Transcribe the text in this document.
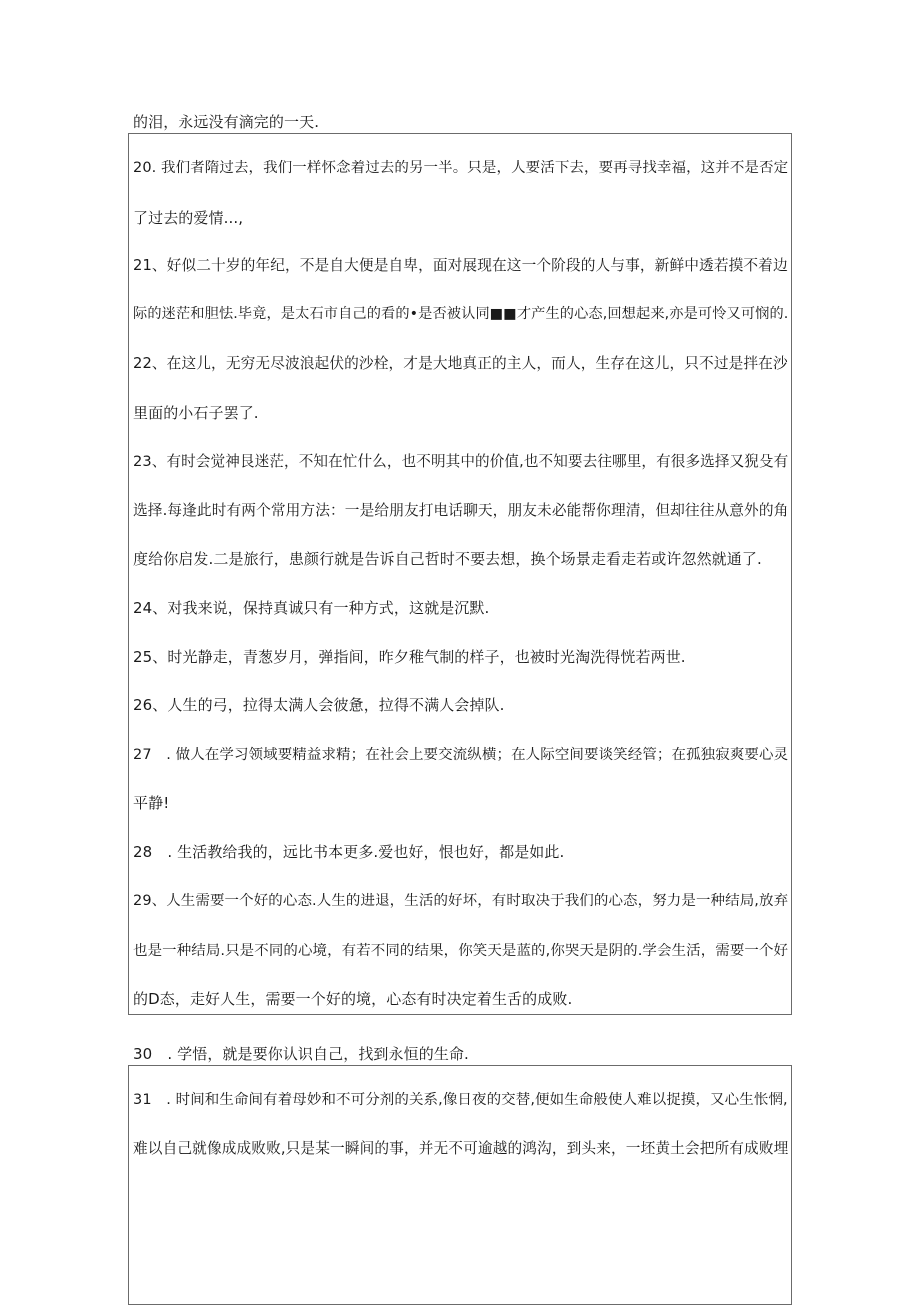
的泪，永远没有滴完的一天.
20. 我们者隋过去，我们一样怀念着过去的另一半。只是，人要活下去，要再寻找幸福，这并不是否定
了过去的爱情...,
21、好似二十岁的年纪，不是自大便是自卑，面对展现在这一个阶段的人与事，新鲜中透若摸不着边
际的迷茫和胆怯.毕竟，是太石市自己的看的•是否被认同■■才产生的心态,回想起来,亦是可怜又可悯的.
22、在这儿，无穷无尽波浪起伏的沙栓，才是大地真正的主人，而人，生存在这儿，只不过是拌在沙
里面的小石子罢了.
23、有时会觉神艮迷茫，不知在忙什么，也不明其中的价值,也不知要去往哪里，有很多选择又猊殳有
选择.每逢此时有两个常用方法：一是给朋友打电话聊天，朋友未必能帮你理清，但却往往从意外的角
度给你启发.二是旅行，患颜行就是告诉自己哲时不要去想，换个场景走看走若或许忽然就通了.
24、对我来说，保持真诚只有一种方式，这就是沉默.
25、时光静走，青葱岁月，弹指间，昨夕稚气制的样子，也被时光淘洗得恍若两世.
26、人生的弓，拉得太满人会彼惫，拉得不满人会掉队.
27　. 做人在学习领域要精益求精；在社会上要交流纵横；在人际空间要谈笑经管；在孤独寂爽要心灵
平静!
28　. 生活教给我的，远比书本更多.爱也好，恨也好，都是如此.
29、人生需要一个好的心态.人生的进退，生活的好坏，有时取决于我们的心态，努力是一种结局,放弃
也是一种结局.只是不同的心境，有若不同的结果，你笑天是蓝的,你哭天是阴的.学会生活，需要一个好
的D态，走好人生，需要一个好的境，心态有时决定着生舌的成败.
30　. 学悟，就是要你认识自己，找到永恒的生命.
31　. 时间和生命间有着母妙和不可分剂的关系,像日夜的交替,便如生命般使人难以捉摸，又心生怅惘,
难以自己就像成成败败,只是某一瞬间的事，并无不可逾越的鸿沟，到头来，一坯黄土会把所有成败埋
